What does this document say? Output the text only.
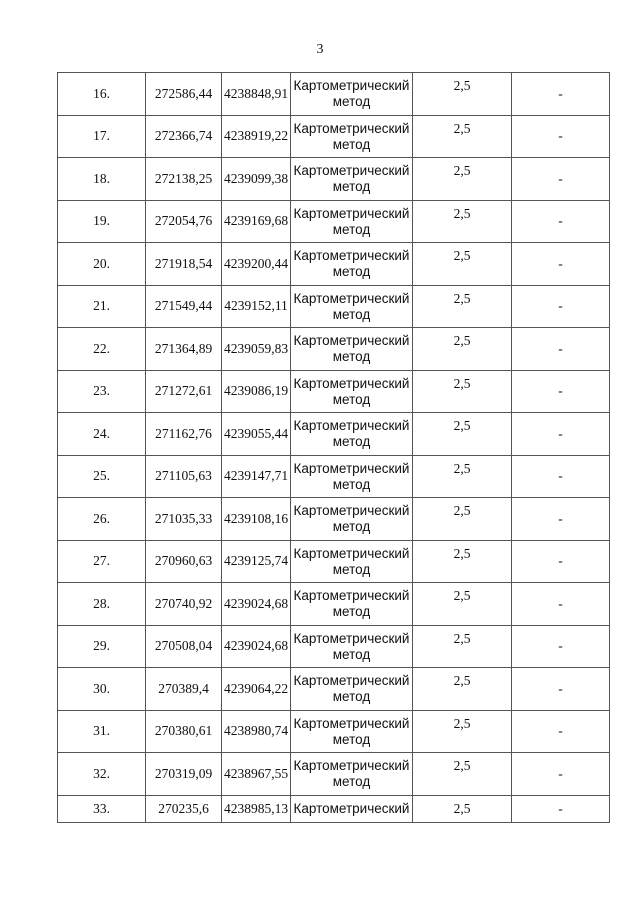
3
16.	272586,44	4238848,91	Картометрический метод	2,5	-
17.	272366,74	4238919,22	Картометрический метод	2,5	-
18.	272138,25	4239099,38	Картометрический метод	2,5	-
19.	272054,76	4239169,68	Картометрический метод	2,5	-
20.	271918,54	4239200,44	Картометрический метод	2,5	-
21.	271549,44	4239152,11	Картометрический метод	2,5	-
22.	271364,89	4239059,83	Картометрический метод	2,5	-
23.	271272,61	4239086,19	Картометрический метод	2,5	-
24.	271162,76	4239055,44	Картометрический метод	2,5	-
25.	271105,63	4239147,71	Картометрический метод	2,5	-
26.	271035,33	4239108,16	Картометрический метод	2,5	-
27.	270960,63	4239125,74	Картометрический метод	2,5	-
28.	270740,92	4239024,68	Картометрический метод	2,5	-
29.	270508,04	4239024,68	Картометрический метод	2,5	-
30.	270389,4	4239064,22	Картометрический метод	2,5	-
31.	270380,61	4238980,74	Картометрический метод	2,5	-
32.	270319,09	4238967,55	Картометрический метод	2,5	-
33.	270235,6	4238985,13	Картометрический	2,5	-
